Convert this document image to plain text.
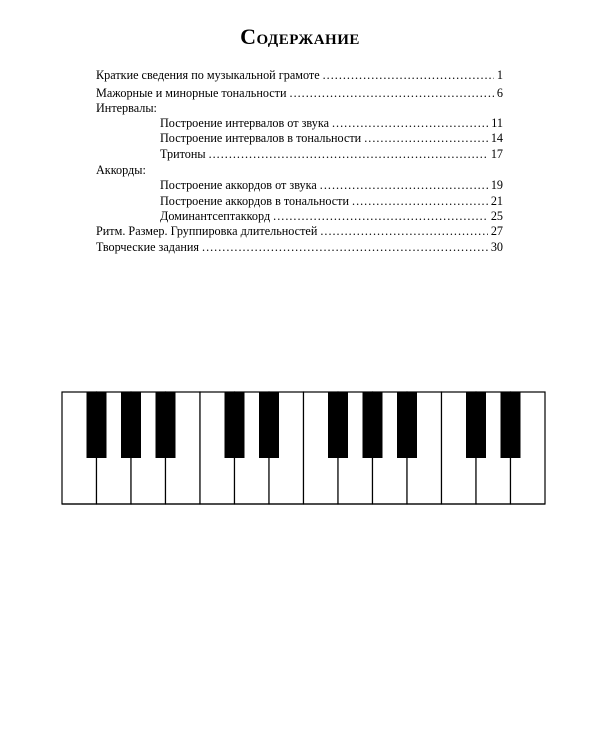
Содержание
Краткие сведения по музыкальной грамоте .....	1
Мажорные и минорные тональности .....	6
Интервалы:
Построение интервалов от звука .....	11
Построение интервалов в тональности .....	14
Тритоны .....	17
Аккорды:
Построение аккордов от звука .....	19
Построение аккордов в тональности .....	21
Доминантсептаккорд .....	25
Ритм. Размер. Группировка длительностей .....	27
Творческие задания .....	30
